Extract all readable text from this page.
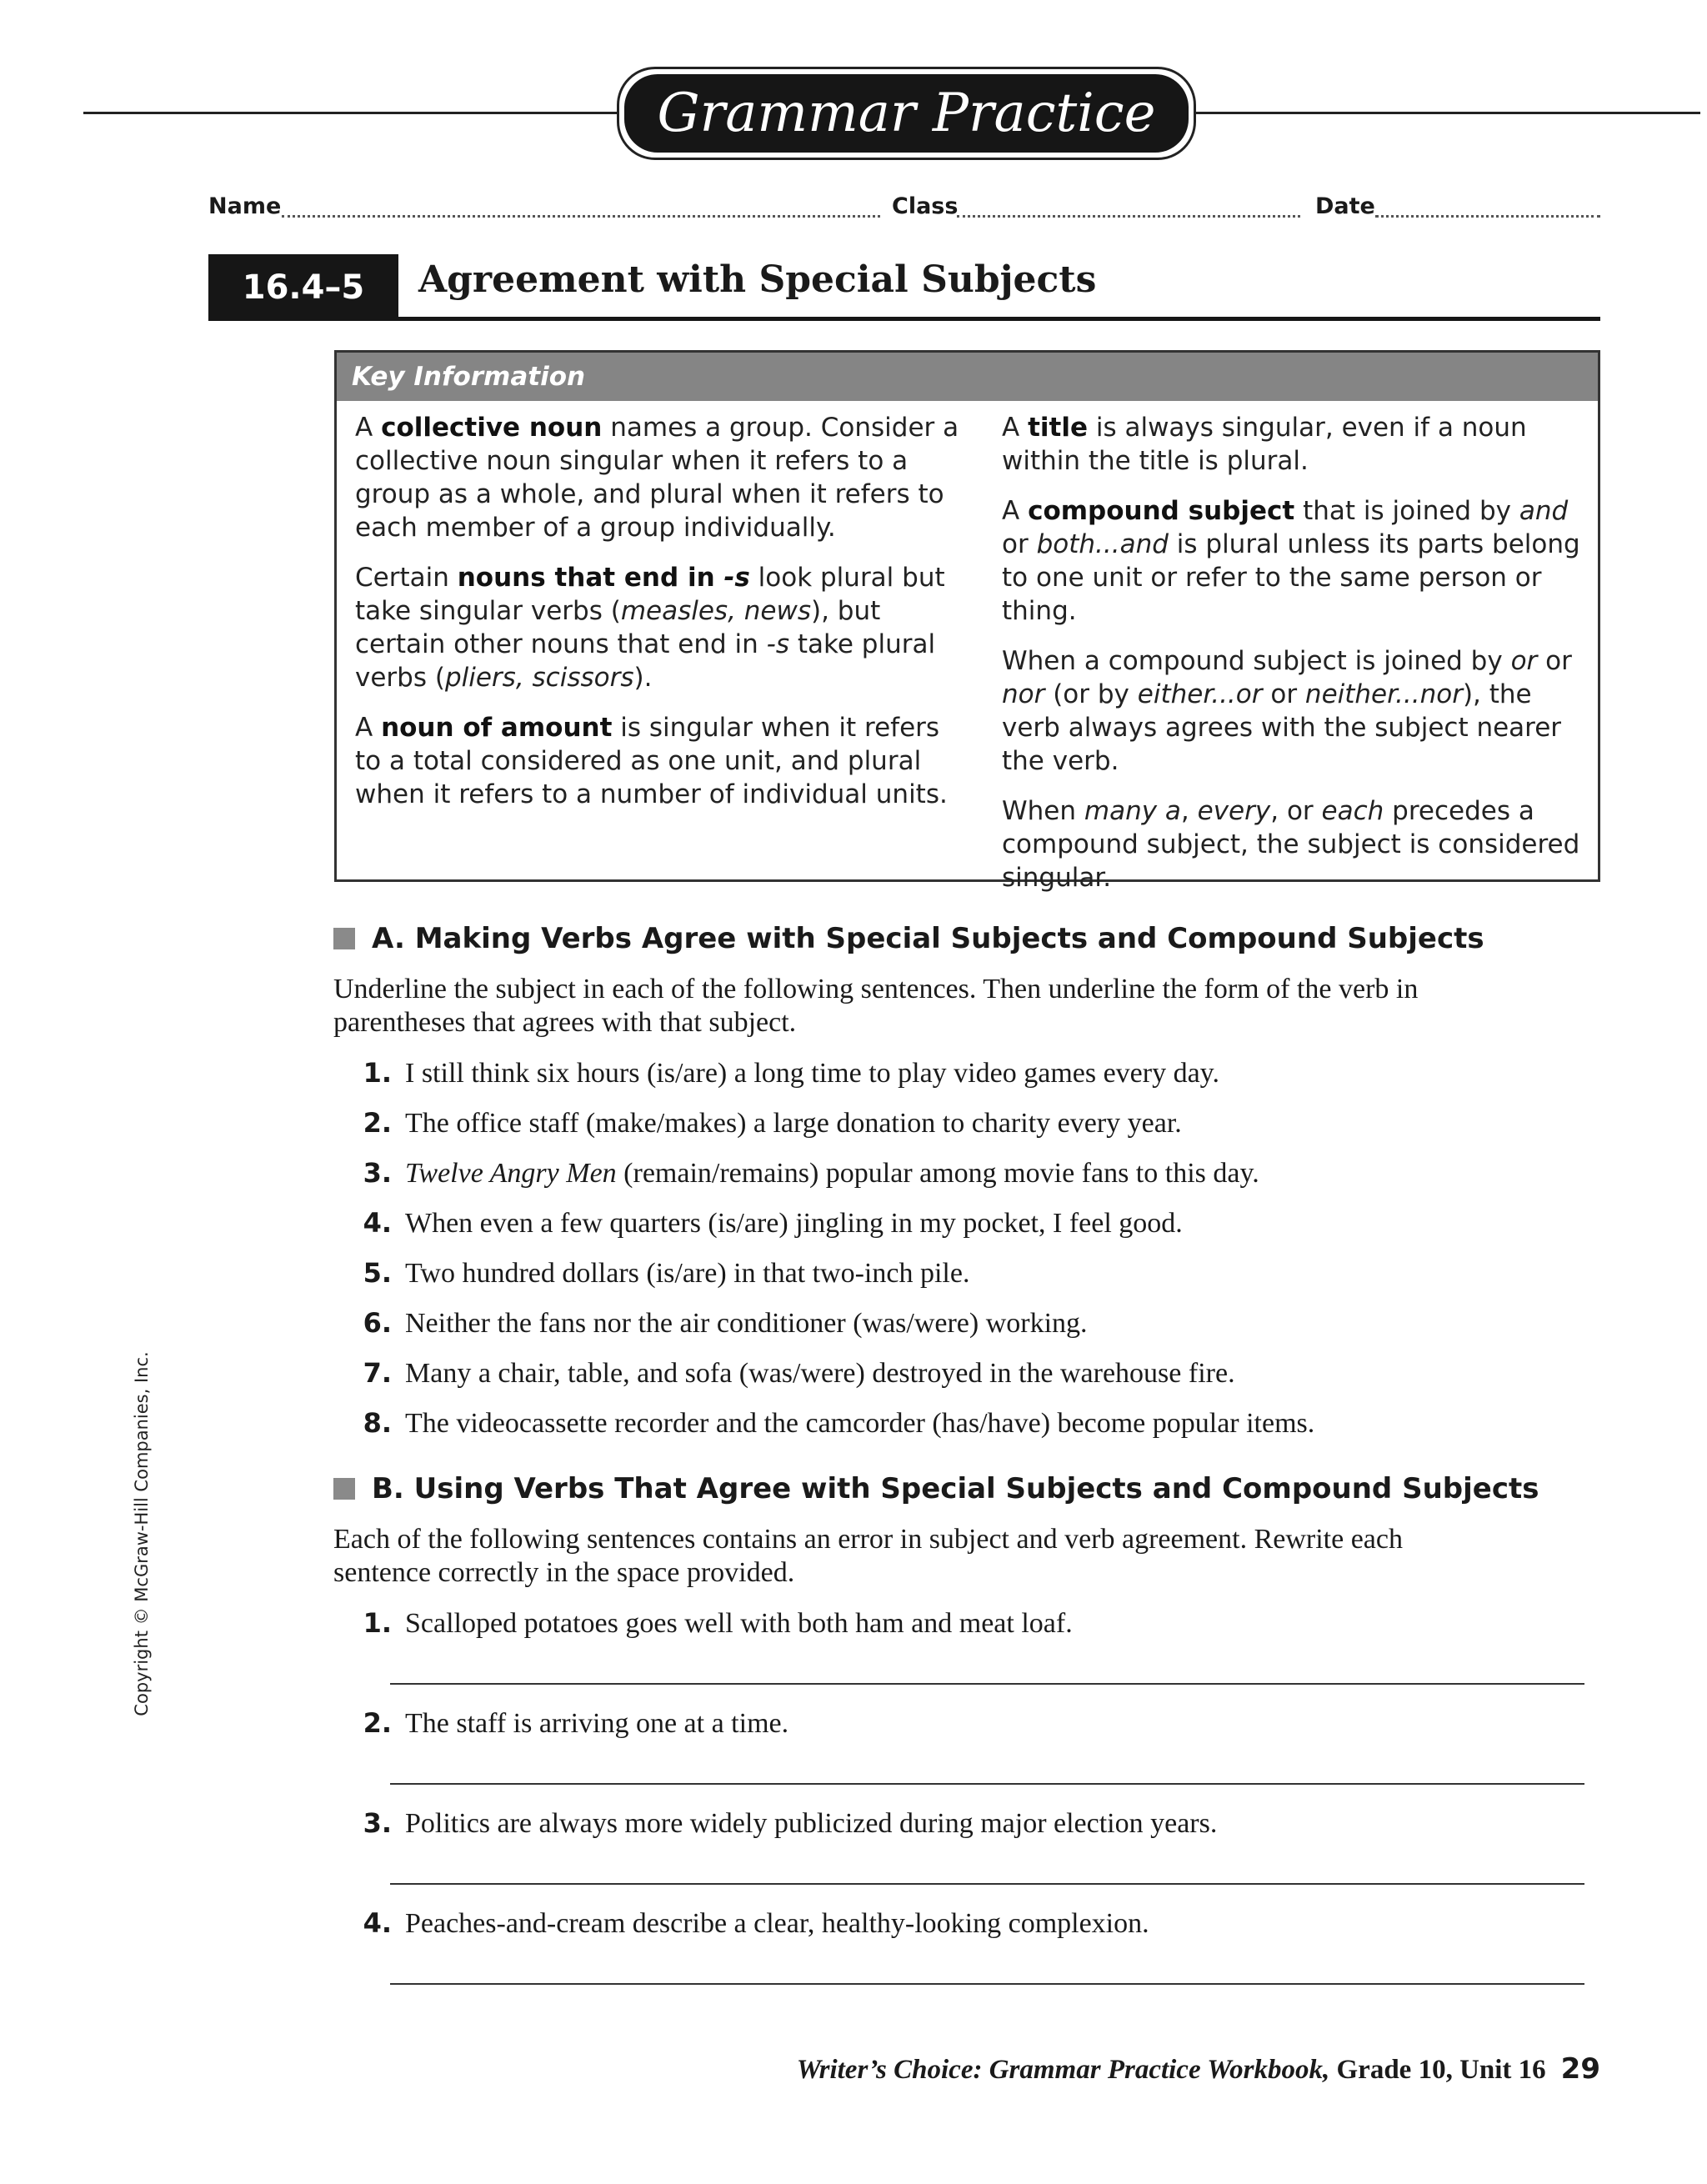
Grammar Practice
Name	Class	Date
16.4–5	Agreement with Special Subjects
Key Information

A collective noun names a group. Consider a collective noun singular when it refers to a group as a whole, and plural when it refers to each member of a group individually.

Certain nouns that end in -s look plural but take singular verbs (measles, news), but certain other nouns that end in -s take plural verbs (pliers, scissors).

A noun of amount is singular when it refers to a total considered as one unit, and plural when it refers to a number of individual units.

A title is always singular, even if a noun within the title is plural.

A compound subject that is joined by and or both...and is plural unless its parts belong to one unit or refer to the same person or thing.

When a compound subject is joined by or or nor (or by either...or or neither...nor), the verb always agrees with the subject nearer the verb.

When many a, every, or each precedes a compound subject, the subject is considered singular.

A. Making Verbs Agree with Special Subjects and Compound Subjects
Underline the subject in each of the following sentences. Then underline the form of the verb in parentheses that agrees with that subject.
1. I still think six hours (is/are) a long time to play video games every day.
2. The office staff (make/makes) a large donation to charity every year.
3. Twelve Angry Men (remain/remains) popular among movie fans to this day.
4. When even a few quarters (is/are) jingling in my pocket, I feel good.
5. Two hundred dollars (is/are) in that two-inch pile.
6. Neither the fans nor the air conditioner (was/were) working.
7. Many a chair, table, and sofa (was/were) destroyed in the warehouse fire.
8. The videocassette recorder and the camcorder (has/have) become popular items.
B. Using Verbs That Agree with Special Subjects and Compound Subjects
Each of the following sentences contains an error in subject and verb agreement. Rewrite each sentence correctly in the space provided.
1. Scalloped potatoes goes well with both ham and meat loaf.
2. The staff is arriving one at a time.
3. Politics are always more widely publicized during major election years.
4. Peaches-and-cream describe a clear, healthy-looking complexion.
Copyright © McGraw-Hill Companies, Inc.
Writer’s Choice: Grammar Practice Workbook, Grade 10, Unit 16 29
